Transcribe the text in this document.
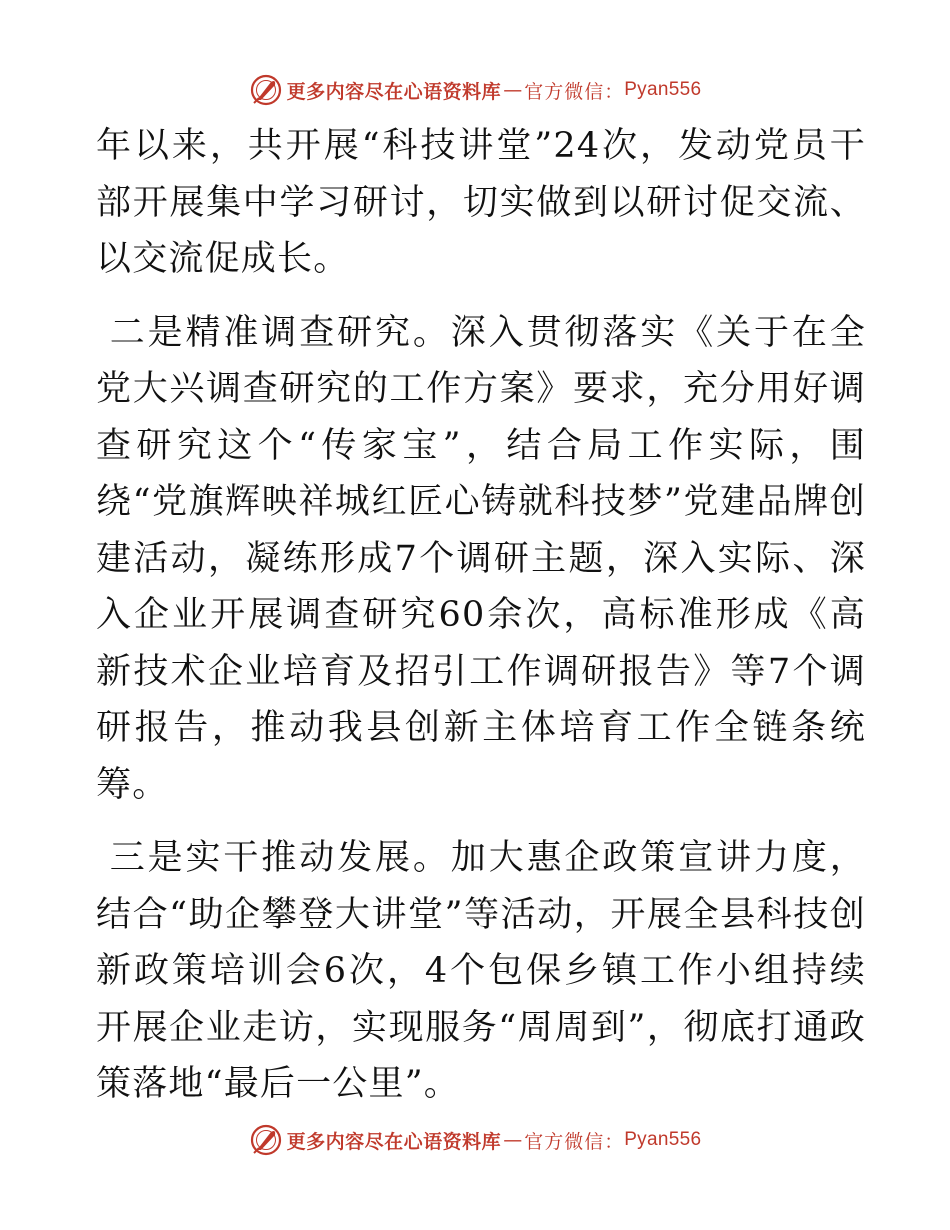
更多内容尽在心语资料库 — 官方微信： Pyan556

年以来，共开展“科技讲堂”24次，发动党员干部开展集中学习研讨，切实做到以研讨促交流、以交流促成长。

二是精准调查研究。深入贯彻落实《关于在全党大兴调查研究的工作方案》要求，充分用好调查研究这个“传家宝”，结合局工作实际，围绕“党旗辉映祥城红匠心铸就科技梦”党建品牌创建活动，凝练形成7个调研主题，深入实际、深入企业开展调查研究60余次，高标准形成《高新技术企业培育及招引工作调研报告》等7个调研报告，推动我县创新主体培育工作全链条统筹。

三是实干推动发展。加大惠企政策宣讲力度，结合“助企攀登大讲堂”等活动，开展全县科技创新政策培训会6次，4个包保乡镇工作小组持续开展企业走访，实现服务“周周到”，彻底打通政策落地“最后一公里”。

更多内容尽在心语资料库 — 官方微信： Pyan556
